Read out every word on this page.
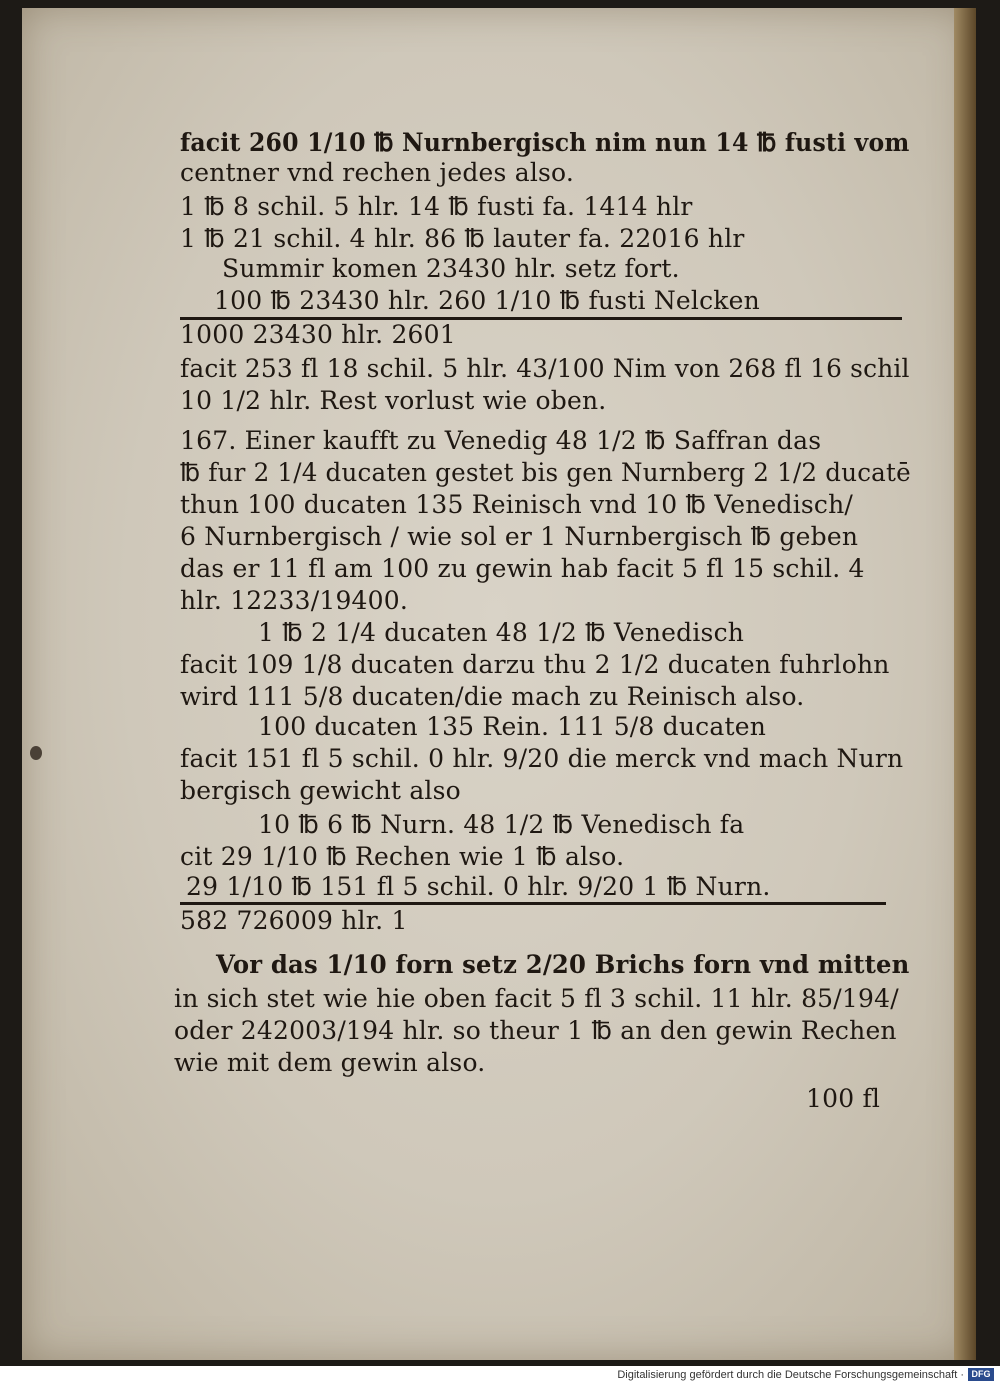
facit 260 1/10 ℔ Nurnbergisch nim nun 14 ℔ fusti vom
centner vnd rechen jedes also.
1 ℔ 8 schil. 5 hlr. 14 ℔ fusti fa. 1414 hlr
1 ℔ 21 schil. 4 hlr. 86 ℔ lauter fa. 22016 hlr
Summir komen 23430 hlr. setz fort.
100 ℔ 23430 hlr. 260 1/10 ℔ fusti Nelcken
1000 23430 hlr. 2601
facit 253 fl 18 schil. 5 hlr. 43/100 Nim von 268 fl 16 schil
10 1/2 hlr. Rest vorlust wie oben.
167. Einer kaufft zu Venedig 48 1/2 ℔ Saffran das
℔ fur 2 1/4 ducaten gestet bis gen Nurnberg 2 1/2 ducatē
thun 100 ducaten 135 Reinisch vnd 10 ℔ Venedisch/
6 Nurnbergisch / wie sol er 1 Nurnbergisch ℔ geben
das er 11 fl am 100 zu gewin hab facit 5 fl 15 schil. 4
hlr. 12233/19400.
1 ℔ 2 1/4 ducaten 48 1/2 ℔ Venedisch
facit 109 1/8 ducaten darzu thu 2 1/2 ducaten fuhrlohn
wird 111 5/8 ducaten/die mach zu Reinisch also.
100 ducaten 135 Rein. 111 5/8 ducaten
facit 151 fl 5 schil. 0 hlr. 9/20 die merck vnd mach Nurn
bergisch gewicht also
10 ℔ 6 ℔ Nurn. 48 1/2 ℔ Venedisch fa
cit 29 1/10 ℔ Rechen wie 1 ℔ also.
29 1/10 ℔ 151 fl 5 schil. 0 hlr. 9/20 1 ℔ Nurn.
582 726009 hlr. 1
Vor das 1/10 forn setz 2/20 Brichs forn vnd mitten
in sich stet wie hie oben facit 5 fl 3 schil. 11 hlr. 85/194/
oder 242003/194 hlr. so theur 1 ℔ an den gewin Rechen
wie mit dem gewin also.
100 fl
Digitalisierung gefördert durch die Deutsche Forschungsgemeinschaft · DFG
